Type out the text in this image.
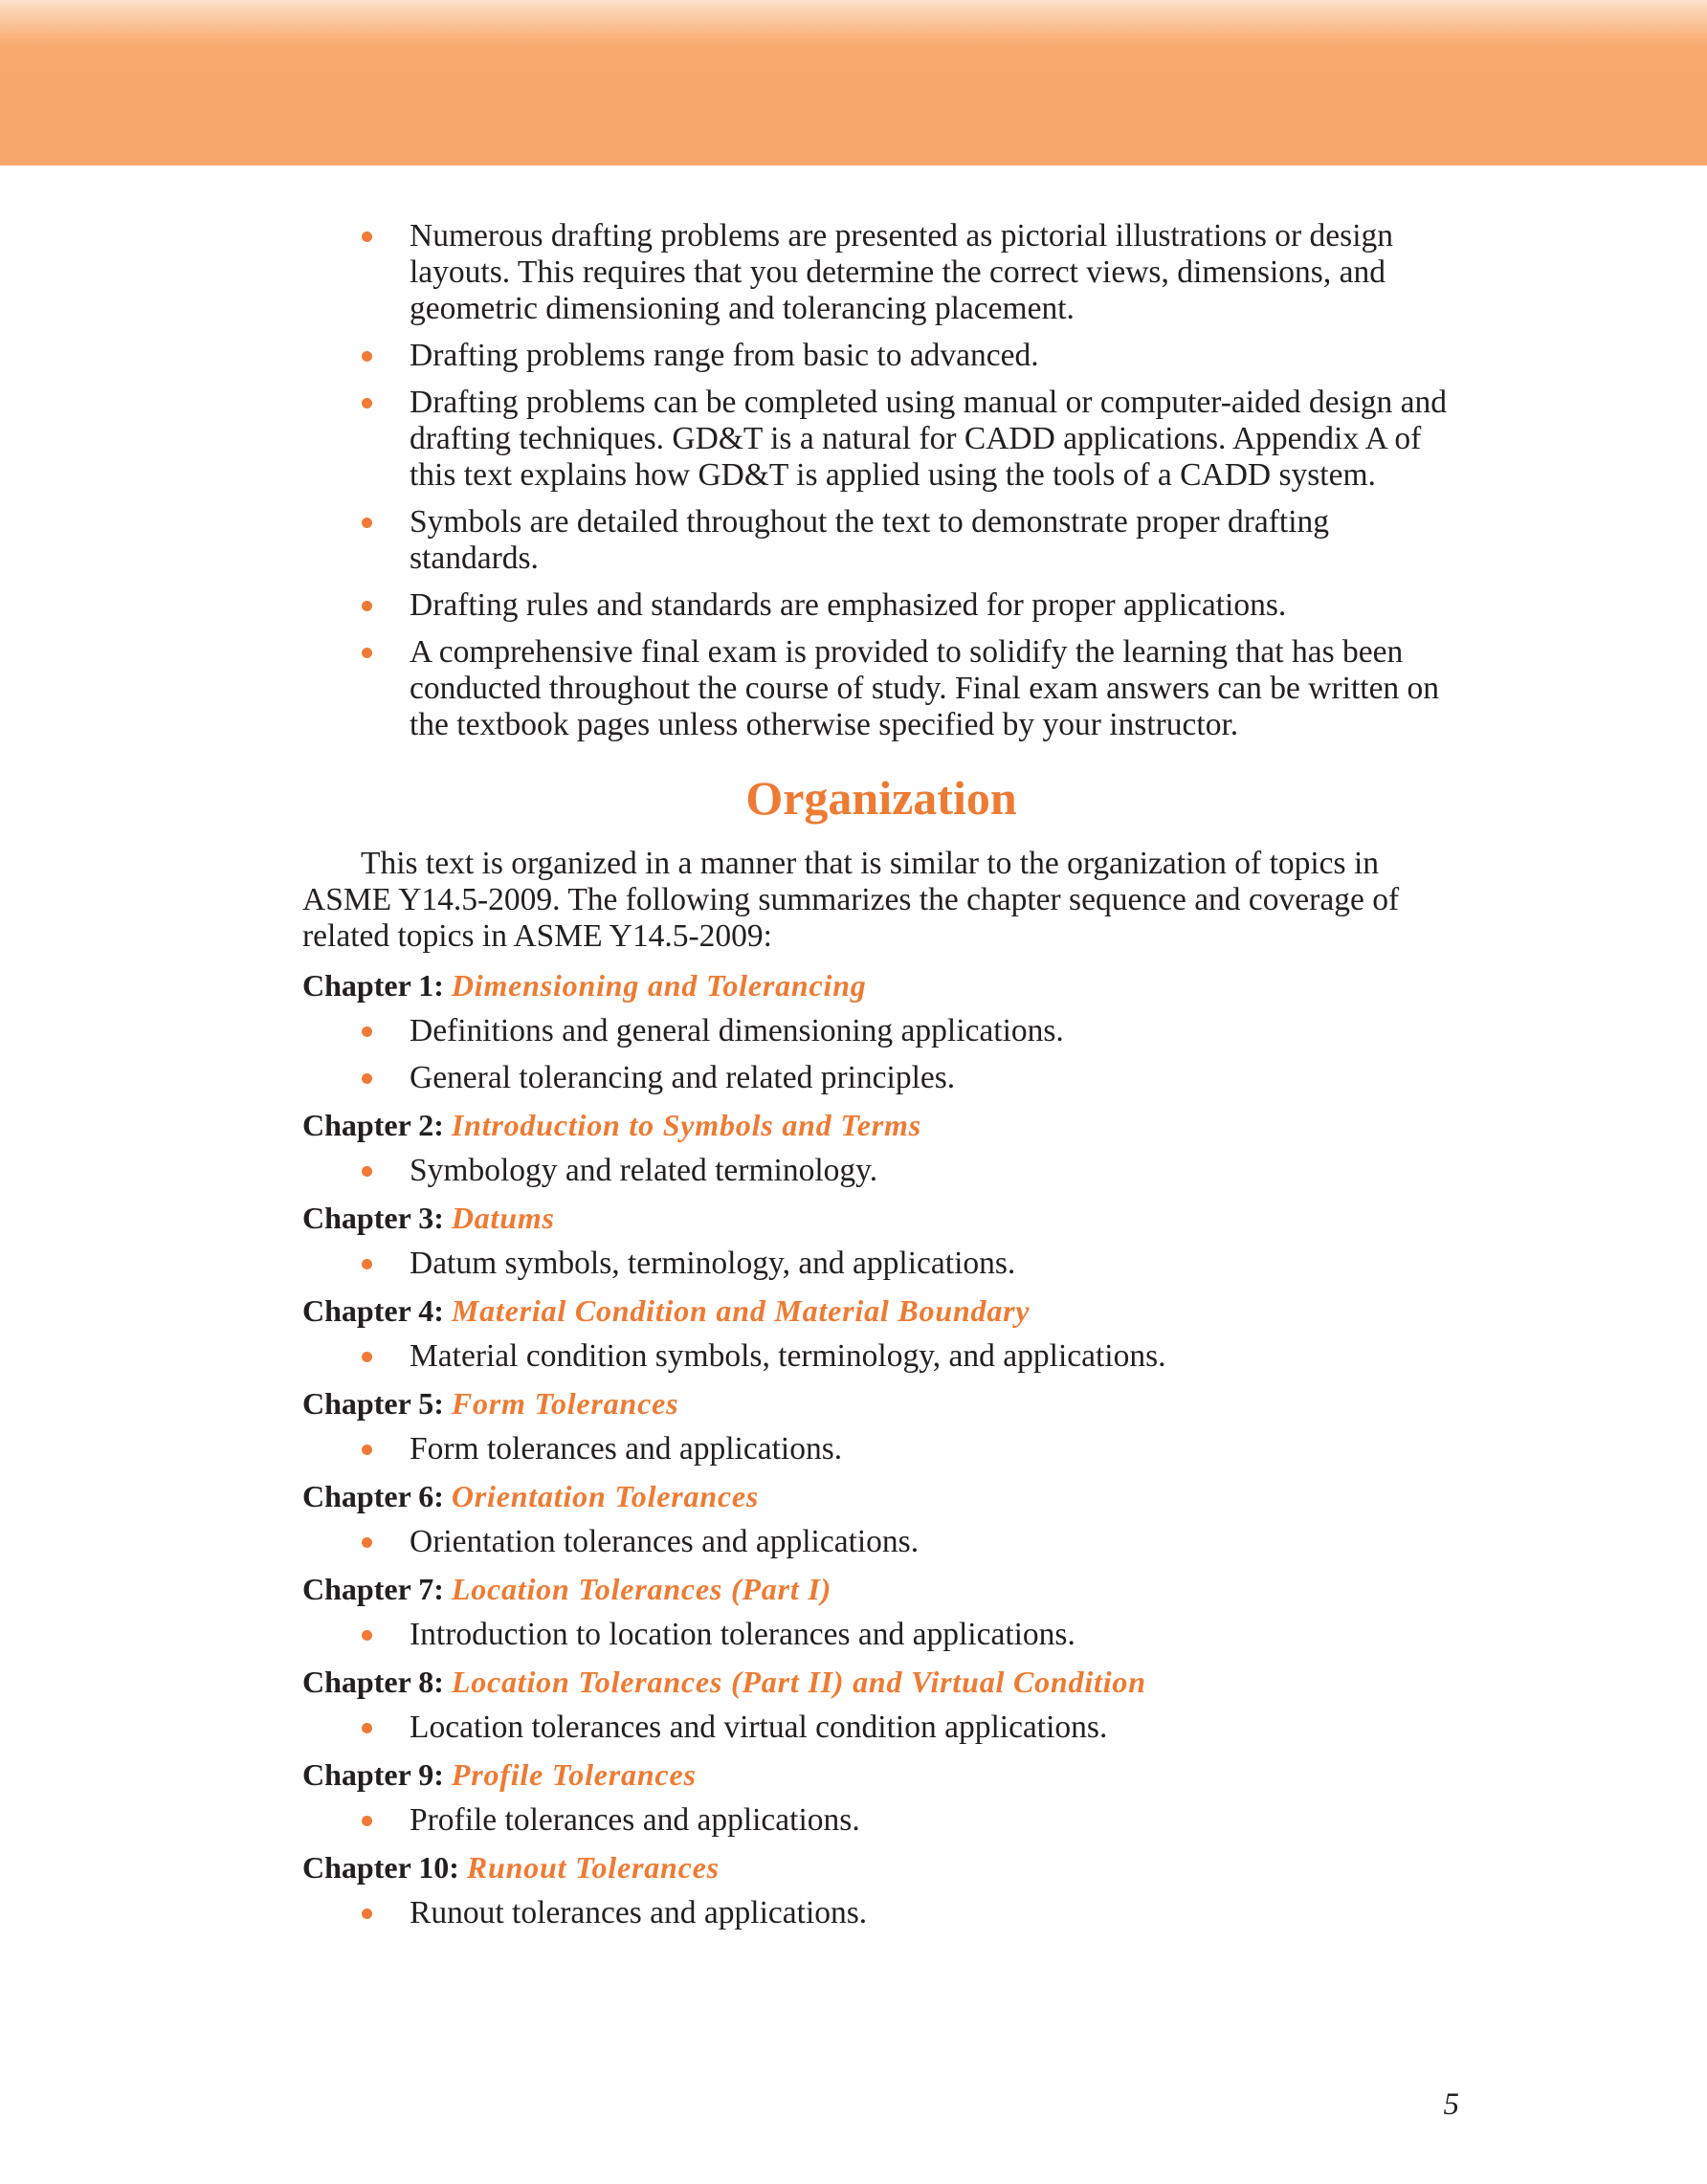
Numerous drafting problems are presented as pictorial illustrations or design layouts. This requires that you determine the correct views, dimensions, and geometric dimensioning and tolerancing placement.
Drafting problems range from basic to advanced.
Drafting problems can be completed using manual or computer-aided design and drafting techniques. GD&T is a natural for CADD applications. Appendix A of this text explains how GD&T is applied using the tools of a CADD system.
Symbols are detailed throughout the text to demonstrate proper drafting standards.
Drafting rules and standards are emphasized for proper applications.
A comprehensive final exam is provided to solidify the learning that has been conducted throughout the course of study. Final exam answers can be written on the textbook pages unless otherwise specified by your instructor.
Organization

This text is organized in a manner that is similar to the organization of topics in ASME Y14.5-2009. The following summarizes the chapter sequence and coverage of related topics in ASME Y14.5-2009:

Chapter 1: Dimensioning and Tolerancing
Definitions and general dimensioning applications.
General tolerancing and related principles.
Chapter 2: Introduction to Symbols and Terms
Symbology and related terminology.
Chapter 3: Datums
Datum symbols, terminology, and applications.
Chapter 4: Material Condition and Material Boundary
Material condition symbols, terminology, and applications.
Chapter 5: Form Tolerances
Form tolerances and applications.
Chapter 6: Orientation Tolerances
Orientation tolerances and applications.
Chapter 7: Location Tolerances (Part I)
Introduction to location tolerances and applications.
Chapter 8: Location Tolerances (Part II) and Virtual Condition
Location tolerances and virtual condition applications.
Chapter 9: Profile Tolerances
Profile tolerances and applications.
Chapter 10: Runout Tolerances
Runout tolerances and applications.
5
